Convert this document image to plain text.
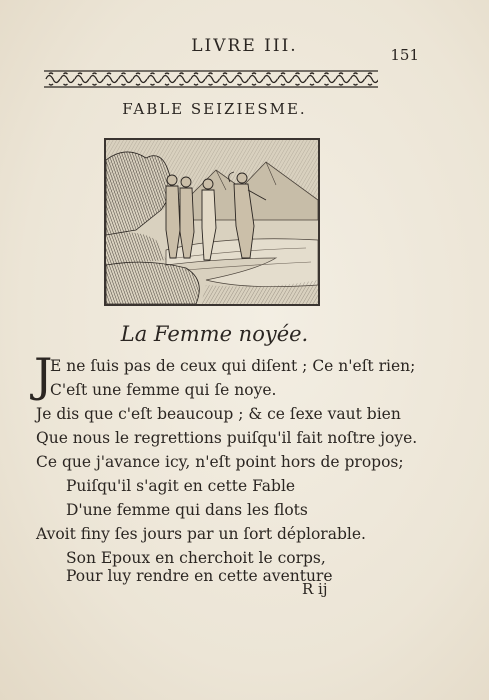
LIVRE III.	151
FABLE SEIZIESME.
La Femme noyée.
J

E ne ſuis pas de ceux qui diſent ; Ce n'eſt rien;

C'eſt une femme qui ſe noye.

Je dis que c'eſt beaucoup ; & ce ſexe vaut bien

Que nous le regrettions puiſqu'il fait noſtre joye.

Ce que j'avance icy, n'eſt point hors de propos;

Puiſqu'il s'agit en cette Fable

D'une femme qui dans les flots

Avoit finy ſes jours par un ſort déplorable.

Son Epoux en cherchoit le corps,

Pour luy rendre en cette aventure

R ij
